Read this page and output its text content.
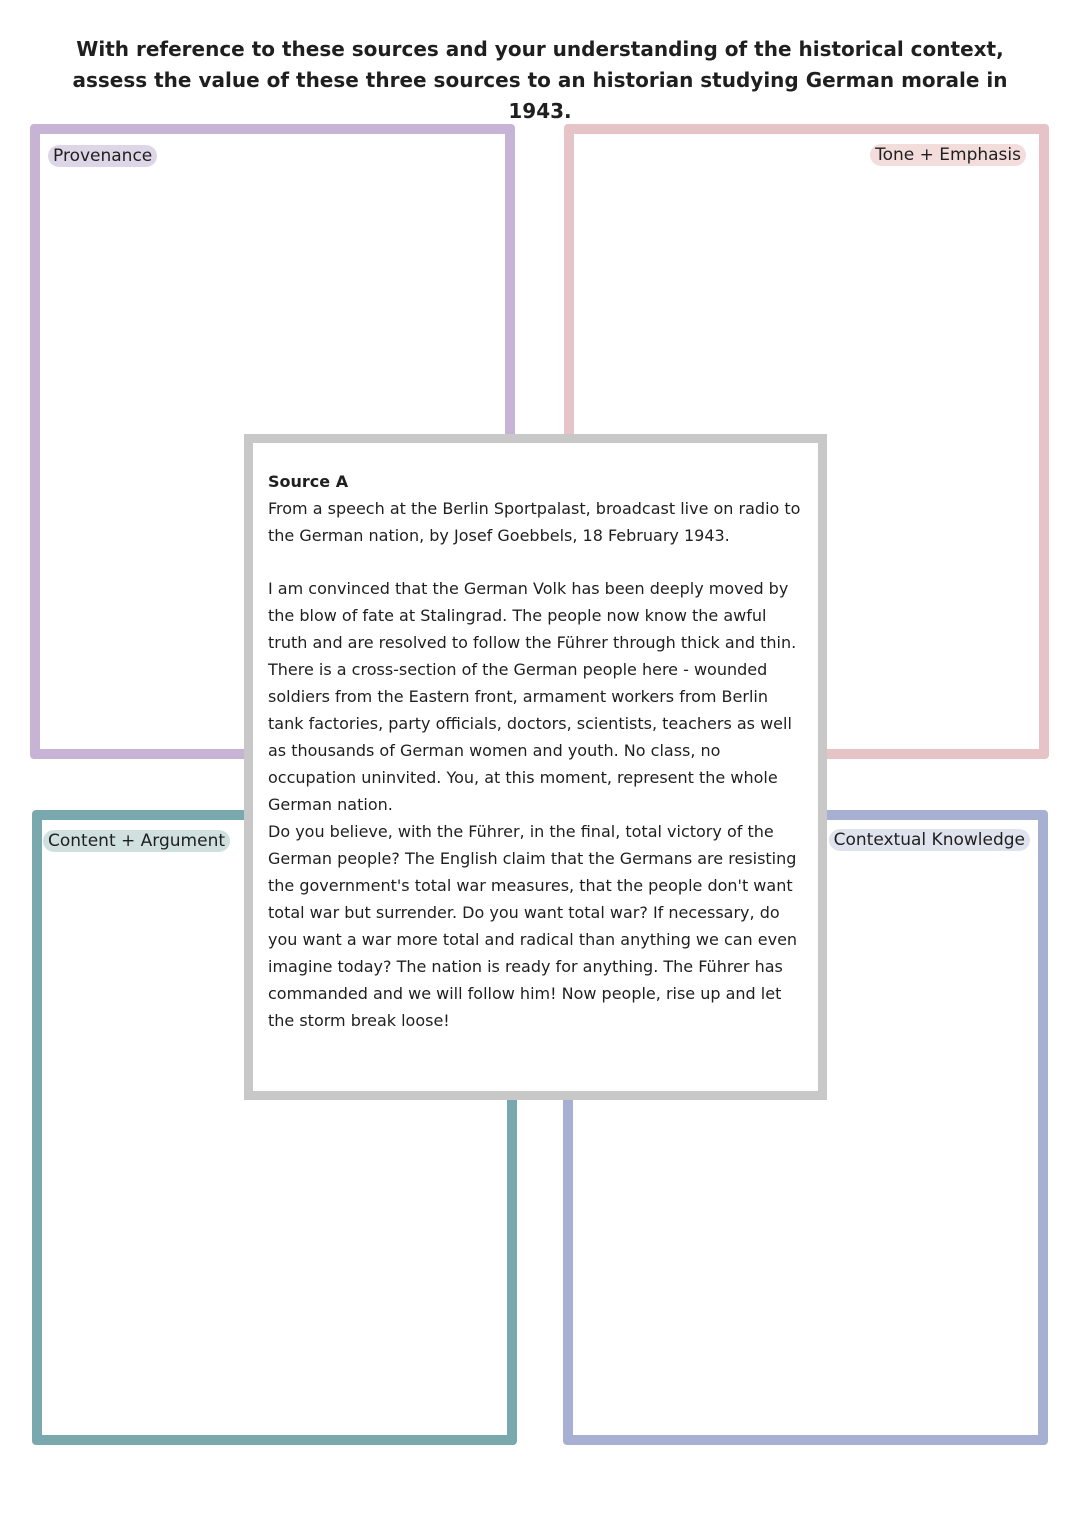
With reference to these sources and your understanding of the historical context, assess the value of these three sources to an historian studying German morale in 1943.
Provenance	Tone + Emphasis
Content + Argument	Contextual Knowledge

Source A

From a speech at the Berlin Sportpalast, broadcast live on radio to the German nation, by Josef Goebbels, 18 February 1943.

I am convinced that the German Volk has been deeply moved by the blow of fate at Stalingrad. The people now know the awful truth and are resolved to follow the Führer through thick and thin. There is a cross-section of the German people here - wounded soldiers from the Eastern front, armament workers from Berlin tank factories, party officials, doctors, scientists, teachers as well as thousands of German women and youth. No class, no occupation uninvited. You, at this moment, represent the whole German nation.

Do you believe, with the Führer, in the final, total victory of the German people? The English claim that the Germans are resisting the government's total war measures, that the people don't want total war but surrender. Do you want total war? If necessary, do you want a war more total and radical than anything we can even imagine today? The nation is ready for anything. The Führer has commanded and we will follow him! Now people, rise up and let the storm break loose!
